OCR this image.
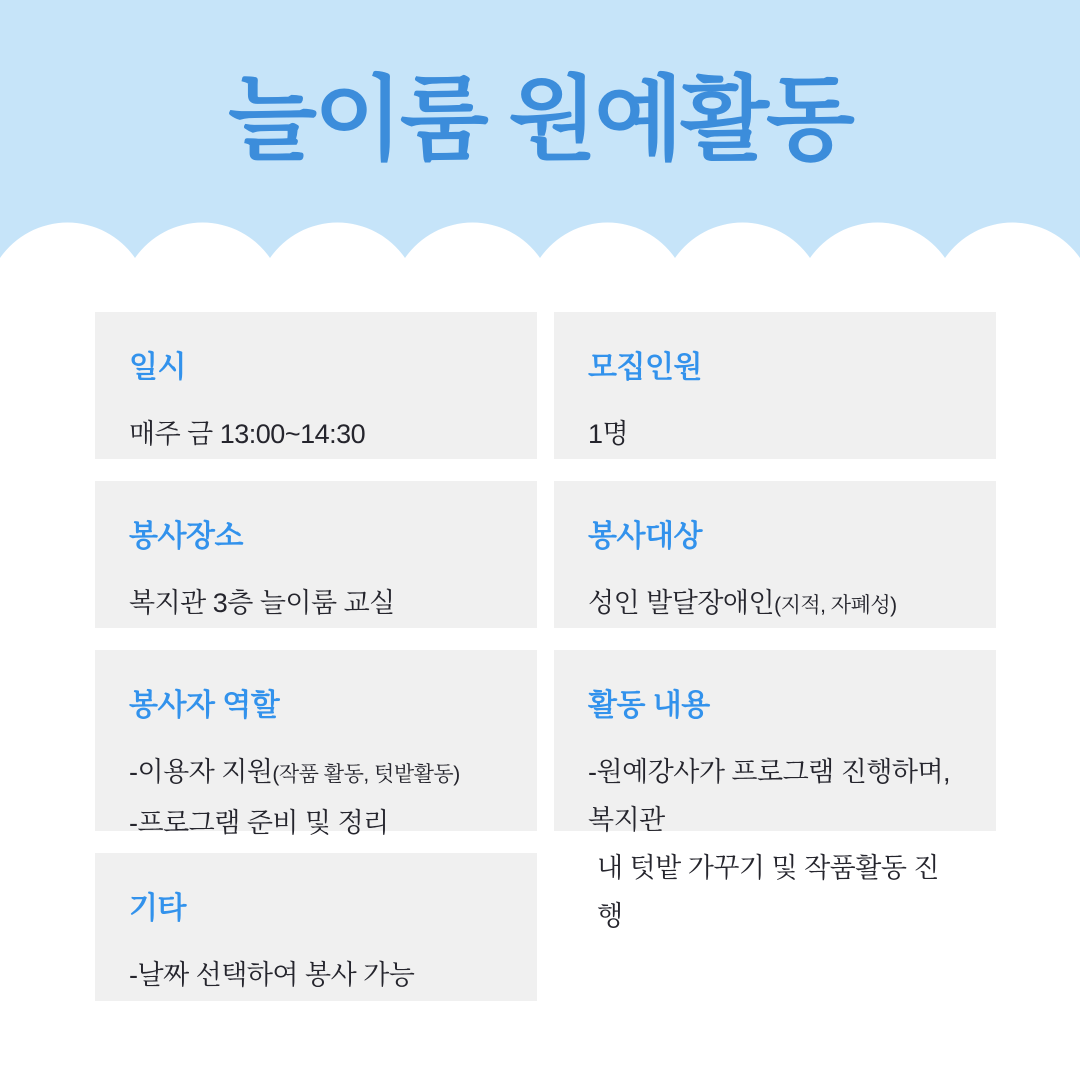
늘이룸 원예활동
일시
매주 금 13:00~14:30
모집인원
1명
봉사장소
복지관 3층 늘이룸 교실
봉사대상
성인 발달장애인(지적, 자폐성)
봉사자 역할
-이용자 지원(작품 활동, 텃밭활동)
-프로그램 준비 및 정리
활동 내용
-원예강사가 프로그램 진행하며, 복지관
내 텃밭 가꾸기 및 작품활동 진행
기타
-날짜 선택하여 봉사 가능
